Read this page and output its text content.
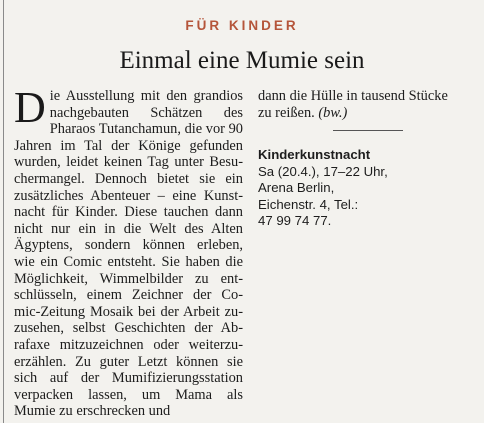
FÜR KINDER
Einmal eine Mumie sein
D ie Ausstellung mit den grandios
nachgebauten Schätzen des
Pharaos Tutanchamun, die vor 90
Jahren im Tal der Könige gefunden
wurden, leidet keinen Tag unter Besu-
chermangel. Dennoch bietet sie ein
zusätzliches Abenteuer – eine Kunst-
nacht für Kinder. Diese tauchen dann
nicht nur ein in die Welt des Alten
Ägyptens, sondern können erleben,
wie ein Comic entsteht. Sie haben die
Möglichkeit, Wimmelbilder zu ent-
schlüsseln, einem Zeichner der Co-
mic-Zeitung Mosaik bei der Arbeit zu-
zusehen, selbst Geschichten der Ab-
rafaxe mitzuzeichnen oder weiterzu-
erzählen. Zu guter Letzt können sie
sich auf der Mumifizierungsstation
verpacken lassen, um Mama als
Mumie zu erschrecken und
dann die Hülle in tausend Stücke
zu reißen. (bw.)
Kinderkunstnacht
Sa (20.4.), 17–22 Uhr,
Arena Berlin,
Eichenstr. 4, Tel.:
47 99 74 77.
